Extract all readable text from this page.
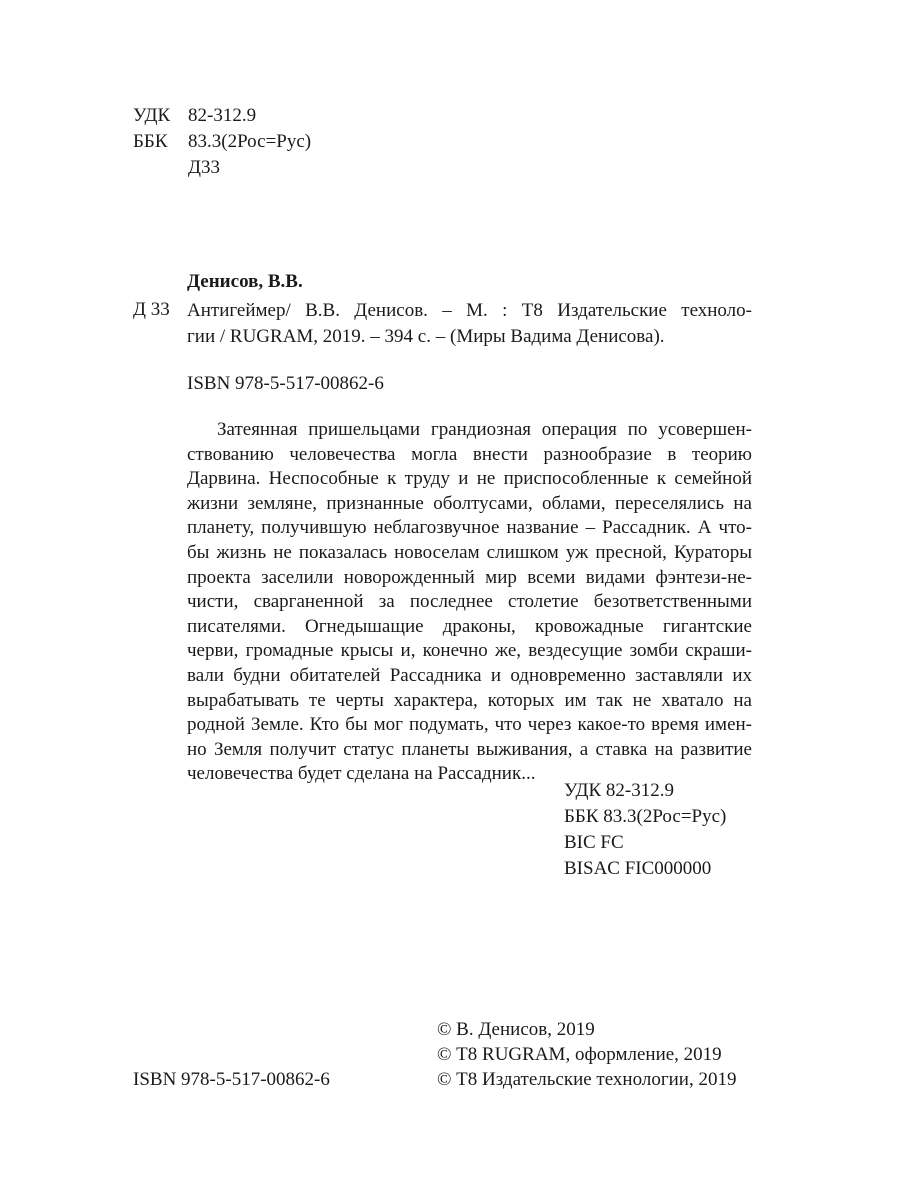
УДК 82-312.9
ББК	83.3(2Рос=Рус)
Д33
Денисов, В.В.
Д 33 Антигеймер/ В.В. Денисов. – М. : Т8 Издательские техноло-
гии / RUGRAM, 2019. – 394 с. – (Миры Вадима Денисова).
ISBN 978-5-517-00862-6
Затеянная пришельцами грандиозная операция по усовершен-
ствованию человечества могла внести разнообразие в теорию
Дарвина. Неспособные к труду и не приспособленные к семейной
жизни земляне, признанные оболтусами, облами, переселялись на
планету, получившую неблагозвучное название – Рассадник. А что-
бы жизнь не показалась новоселам слишком уж пресной, Кураторы
проекта заселили новорожденный мир всеми видами фэнтези-не-
чисти, сварганенной за последнее столетие безответственными
писателями. Огнедышащие драконы, кровожадные гигантские
черви, громадные крысы и, конечно же, вездесущие зомби скраши-
вали будни обитателей Рассадника и одновременно заставляли их
вырабатывать те черты характера, которых им так не хватало на
родной Земле. Кто бы мог подумать, что через какое-то время имен-
но Земля получит статус планеты выживания, а ставка на развитие
человечества будет сделана на Рассадник...
УДК 82-312.9
ББК 83.3(2Рос=Рус)
BIC FC
BISAC FIC000000
© В. Денисов, 2019
© Т8 RUGRAM, оформление, 2019
© Т8 Издательские технологии, 2019
ISBN 978-5-517-00862-6
